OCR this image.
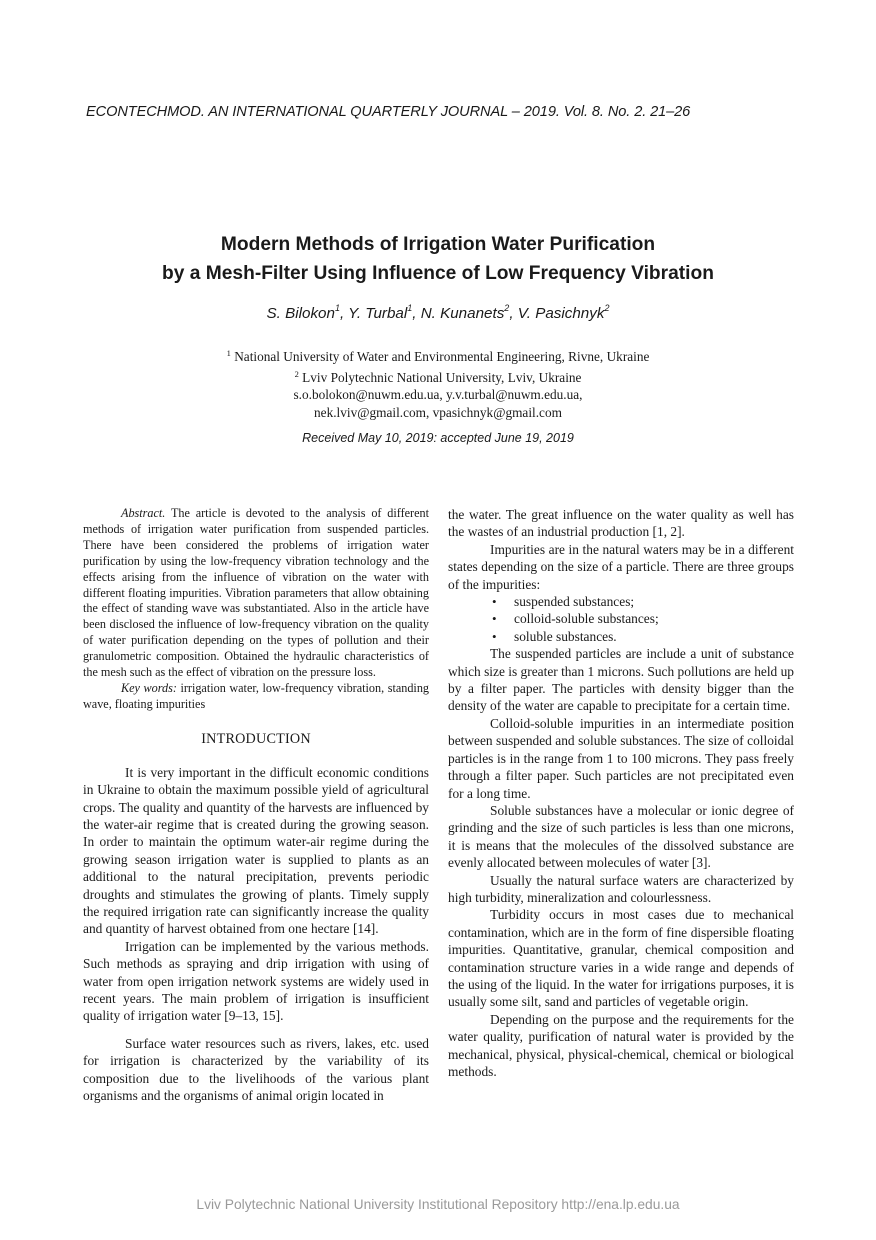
ECONTECHMOD. AN INTERNATIONAL QUARTERLY JOURNAL – 2019. Vol. 8. No. 2. 21–26
Modern Methods of Irrigation Water Purification
by a Mesh-Filter Using Influence of Low Frequency Vibration
S. Bilokon$^1$, Y. Turbal$^1$, N. Kunanets$^2$, V. Pasichnyk$^2$
$^1$ National University of Water and Environmental Engineering, Rivne, Ukraine
$^2$ Lviv Polytechnic National University, Lviv, Ukraine
s.o.bolokon@nuwm.edu.ua, y.v.turbal@nuwm.edu.ua,
nek.lviv@gmail.com, vpasichnyk@gmail.com
Received May 10, 2019: accepted June 19, 2019

Abstract. The article is devoted to the analysis of different methods of irrigation water purification from suspended particles. There have been considered the problems of irrigation water purification by using the low-frequency vibration technology and the effects arising from the influence of vibration on the water with different floating impurities. Vibration parameters that allow obtaining the effect of standing wave was substantiated. Also in the article have been disclosed the influence of low-frequency vibration on the quality of water purification depending on the types of pollution and their granulometric composition. Obtained the hydraulic characteristics of the mesh such as the effect of vibration on the pressure loss.

Key words: irrigation water, low-frequency vibration, standing wave, floating impurities

INTRODUCTION

It is very important in the difficult economic conditions in Ukraine to obtain the maximum possible yield of agricultural crops. The quality and quantity of the harvests are influenced by the water-air regime that is created during the growing season. In order to maintain the optimum water-air regime during the growing season irrigation water is supplied to plants as an additional to the natural precipitation, prevents periodic droughts and stimulates the growing of plants. Timely supply the required irrigation rate can significantly increase the quality and quantity of harvest obtained from one hectare [14].

Irrigation can be implemented by the various methods. Such methods as spraying and drip irrigation with using of water from open irrigation network systems are widely used in recent years. The main problem of irrigation is insufficient quality of irrigation water [9–13, 15].

Surface water resources such as rivers, lakes, etc. used for irrigation is characterized by the variability of its composition due to the livelihoods of the various plant organisms and the organisms of animal origin located in

the water. The great influence on the water quality as well has the wastes of an industrial production [1, 2].

Impurities are in the natural waters may be in a different states depending on the size of a particle. There are three groups of the impurities:

• suspended substances;
• colloid-soluble substances;
• soluble substances.

The suspended particles are include a unit of substance which size is greater than 1 microns. Such pollutions are held up by a filter paper. The particles with density bigger than the density of the water are capable to precipitate for a certain time.

Colloid-soluble impurities in an intermediate position between suspended and soluble substances. The size of colloidal particles is in the range from 1 to 100 microns. They pass freely through a filter paper. Such particles are not precipitated even for a long time.

Soluble substances have a molecular or ionic degree of grinding and the size of such particles is less than one microns, it is means that the molecules of the dissolved substance are evenly allocated between molecules of water [3].

Usually the natural surface waters are characterized by high turbidity, mineralization and colourlessness.

Turbidity occurs in most cases due to mechanical contamination, which are in the form of fine dispersible floating impurities. Quantitative, granular, chemical composition and contamination structure varies in a wide range and depends of the using of the liquid. In the water for irrigations purposes, it is usually some silt, sand and particles of vegetable origin.

Depending on the purpose and the requirements for the water quality, purification of natural water is provided by the mechanical, physical, physical-chemical, chemical or biological methods.

Lviv Polytechnic National University Institutional Repository http://ena.lp.edu.ua
